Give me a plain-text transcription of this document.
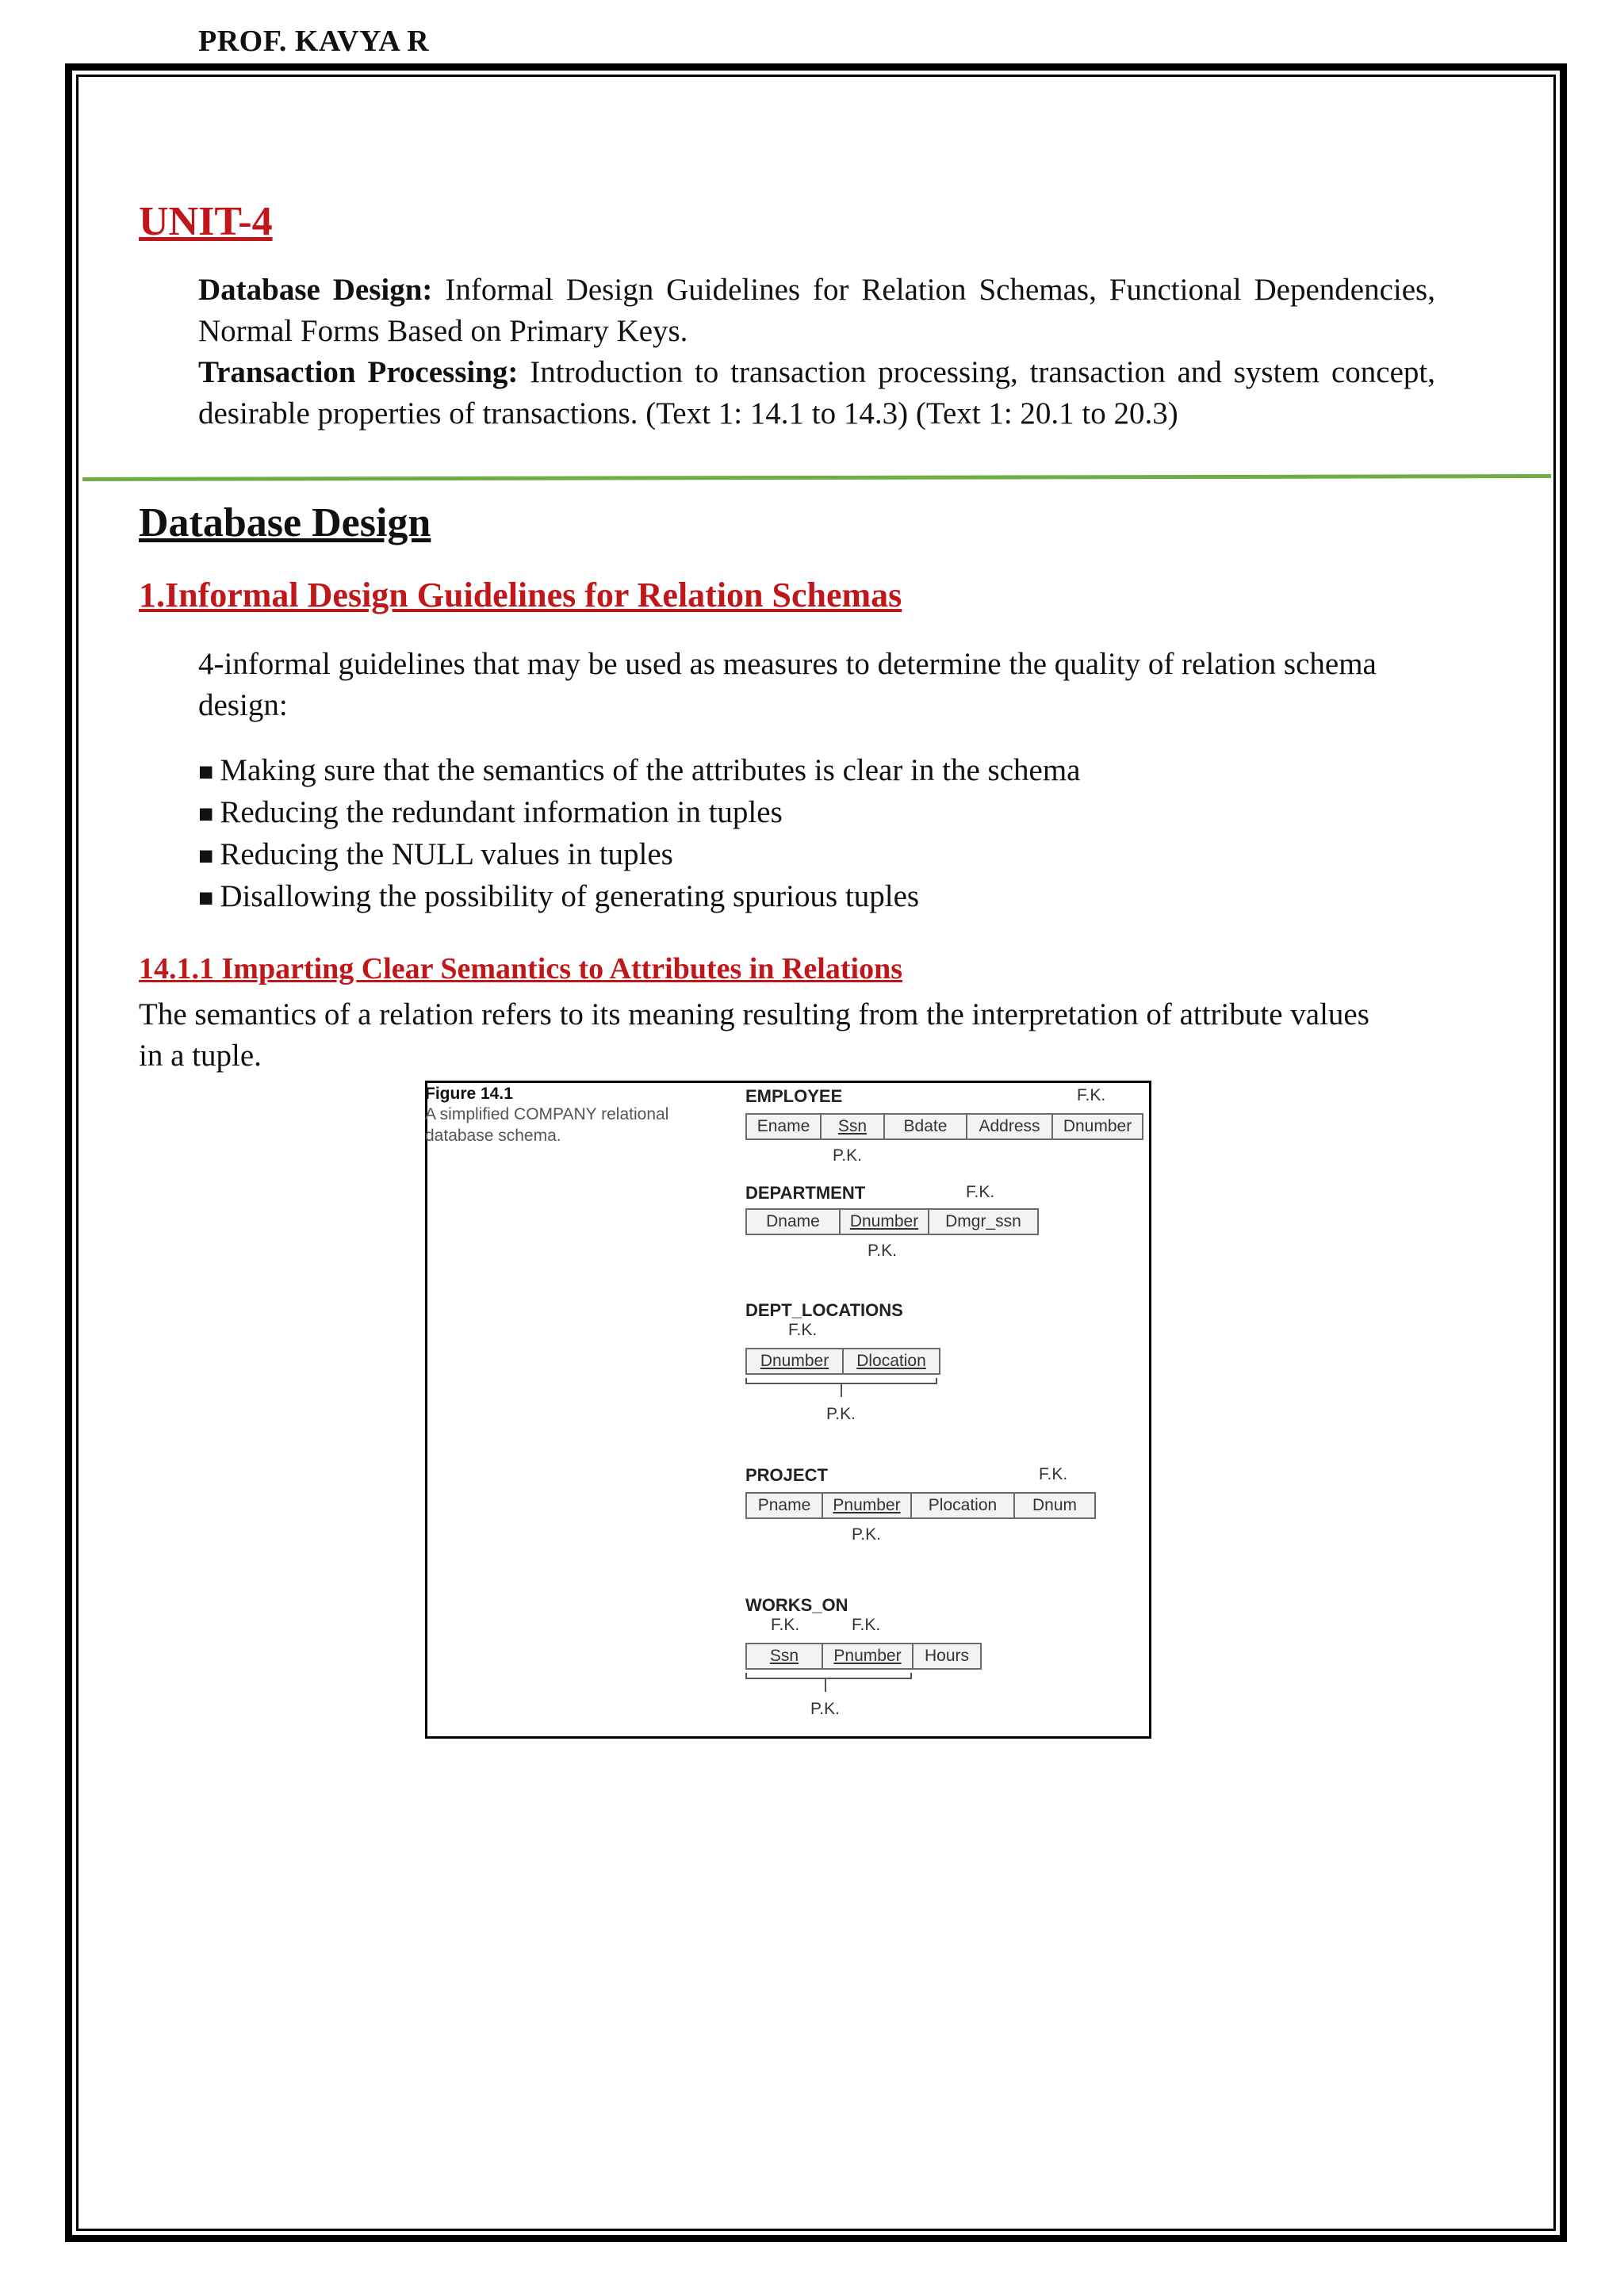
PROF. KAVYA R
UNIT-4

Database Design: Informal Design Guidelines for Relation Schemas, Functional Dependencies, Normal Forms Based on Primary Keys.

Transaction Processing: Introduction to transaction processing, transaction and system concept, desirable properties of transactions. (Text 1: 14.1 to 14.3) (Text 1: 20.1 to 20.3)

Database Design
1.Informal Design Guidelines for Relation Schemas

4-informal guidelines that may be used as measures to determine the quality of relation schema design:

■ Making sure that the semantics of the attributes is clear in the schema
■ Reducing the redundant information in tuples
■ Reducing the NULL values in tuples
■ Disallowing the possibility of generating spurious tuples
14.1.1 Imparting Clear Semantics to Attributes in Relations

The semantics of a relation refers to its meaning resulting from the interpretation of attribute values in a tuple.

Figure 14.1
A simplified COMPANY relational database schema.
EMPLOYEE	F.K.
Ename	Ssn	Bdate	Address	Dnumber
P.K.
DEPARTMENT	F.K.
Dname	Dnumber	Dmgr_ssn
P.K.
DEPT_LOCATIONS
F.K.
Dnumber	Dlocation
P.K.
PROJECT	F.K.
Pname	Pnumber	Plocation	Dnum
P.K.
WORKS_ON
F.K.	F.K.
Ssn	Pnumber	Hours
P.K.
